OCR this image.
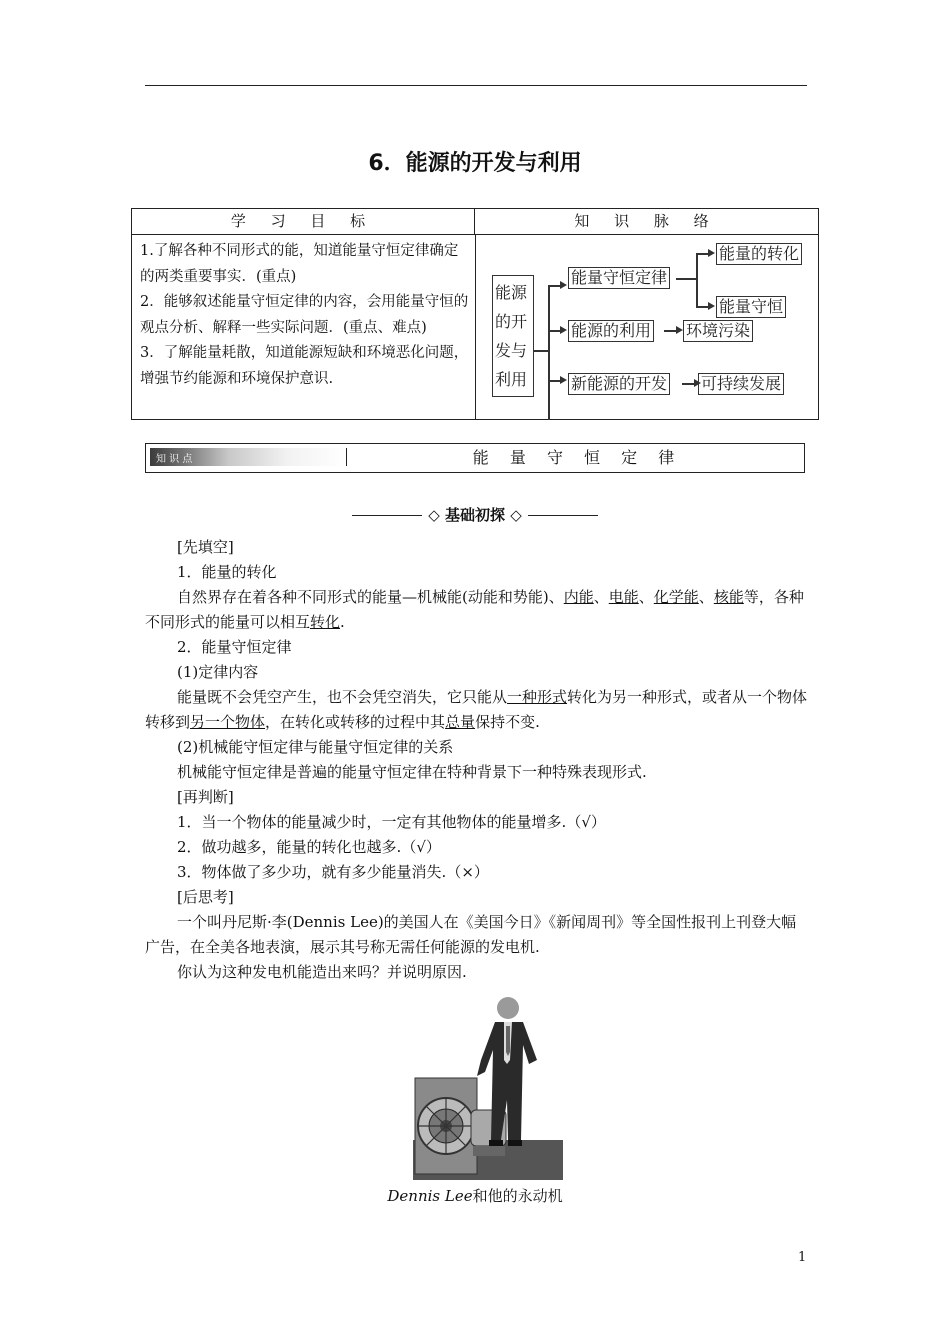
6．能源的开发与利用
学 习 目 标	知 识 脉 络

1.了解各种不同形式的能，知道能量守恒定律确定的两类重要事实．(重点)

2．能够叙述能量守恒定律的内容，会用能量守恒的观点分析、解释一些实际问题．(重点、难点)

3．了解能量耗散，知道能源短缺和环境恶化问题，增强节约能源和环境保护意识.

能源的开发与利用
能量守恒定律
能量的转化
能量守恒
能源的利用 环境污染
新能源的开发 可持续发展
知 识 点	能 量 守 恒 定 律
◇ 基础初探 ◇

[先填空]

1．能量的转化

自然界存在着各种不同形式的能量—机械能(动能和势能)、内能、电能、化学能、核能等，各种不同形式的能量可以相互转化.

2．能量守恒定律

(1)定律内容

能量既不会凭空产生，也不会凭空消失，它只能从一种形式转化为另一种形式，或者从一个物体转移到另一个物体，在转化或转移的过程中其总量保持不变.

(2)机械能守恒定律与能量守恒定律的关系

机械能守恒定律是普遍的能量守恒定律在特种背景下一种特殊表现形式.

[再判断]

1．当一个物体的能量减少时，一定有其他物体的能量增多.（√）

2．做功越多，能量的转化也越多.（√）

3．物体做了多少功，就有多少能量消失.（×）

[后思考]

一个叫丹尼斯·李(Dennis Lee)的美国人在《美国今日》《新闻周刊》等全国性报刊上刊登大幅广告，在全美各地表演，展示其号称无需任何能源的发电机.

你认为这种发电机能造出来吗？并说明原因.

Dennis Lee和他的永动机
1
